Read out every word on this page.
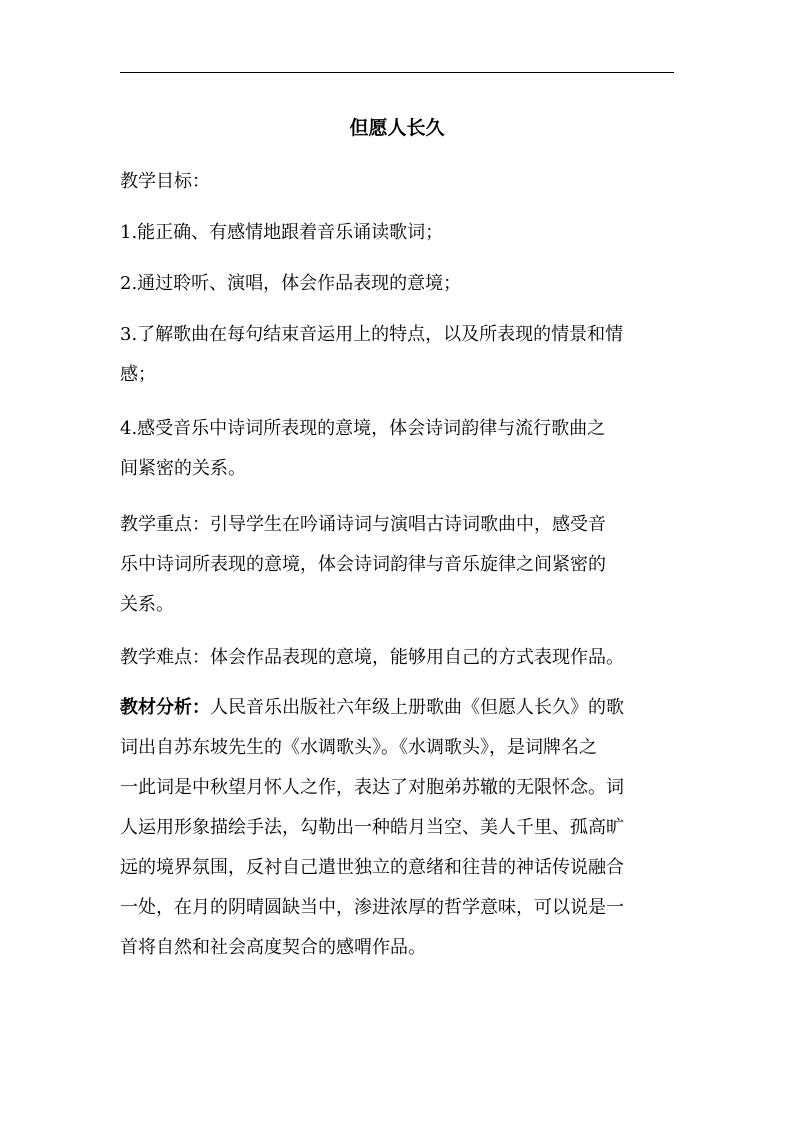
但愿人长久
教学目标：
1.能正确、有感情地跟着音乐诵读歌词；
2.通过聆听、演唱，体会作品表现的意境；
3.了解歌曲在每句结束音运用上的特点，以及所表现的情景和情
感；
4.感受音乐中诗词所表现的意境，体会诗词韵律与流行歌曲之
间紧密的关系。
教学重点：引导学生在吟诵诗词与演唱古诗词歌曲中，感受音
乐中诗词所表现的意境，体会诗词韵律与音乐旋律之间紧密的
关系。
教学难点：体会作品表现的意境，能够用自己的方式表现作品。
教材分析：人民音乐出版社六年级上册歌曲《但愿人长久》的歌
词出自苏东坡先生的《水调歌头》。《水调歌头》，是词牌名之
一此词是中秋望月怀人之作，表达了对胞弟苏辙的无限怀念。词
人运用形象描绘手法，勾勒出一种皓月当空、美人千里、孤高旷
远的境界氛围，反衬自己遣世独立的意绪和往昔的神话传说融合
一处，在月的阴晴圆缺当中，渗进浓厚的哲学意味，可以说是一
首将自然和社会高度契合的感喟作品。
